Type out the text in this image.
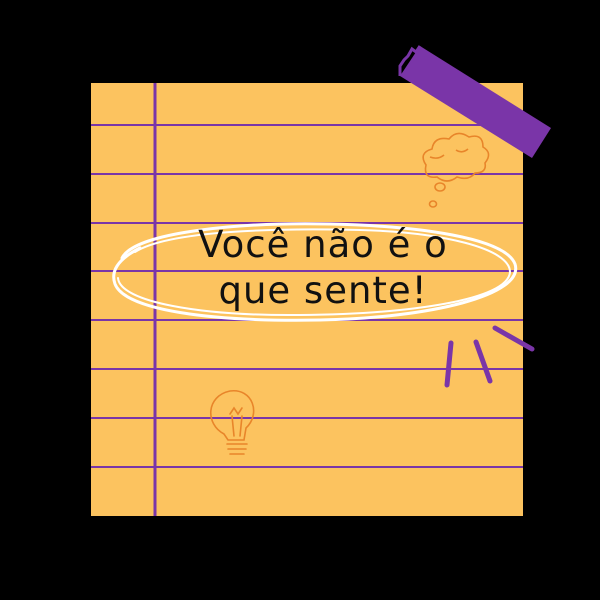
Você não é o
que sente!
